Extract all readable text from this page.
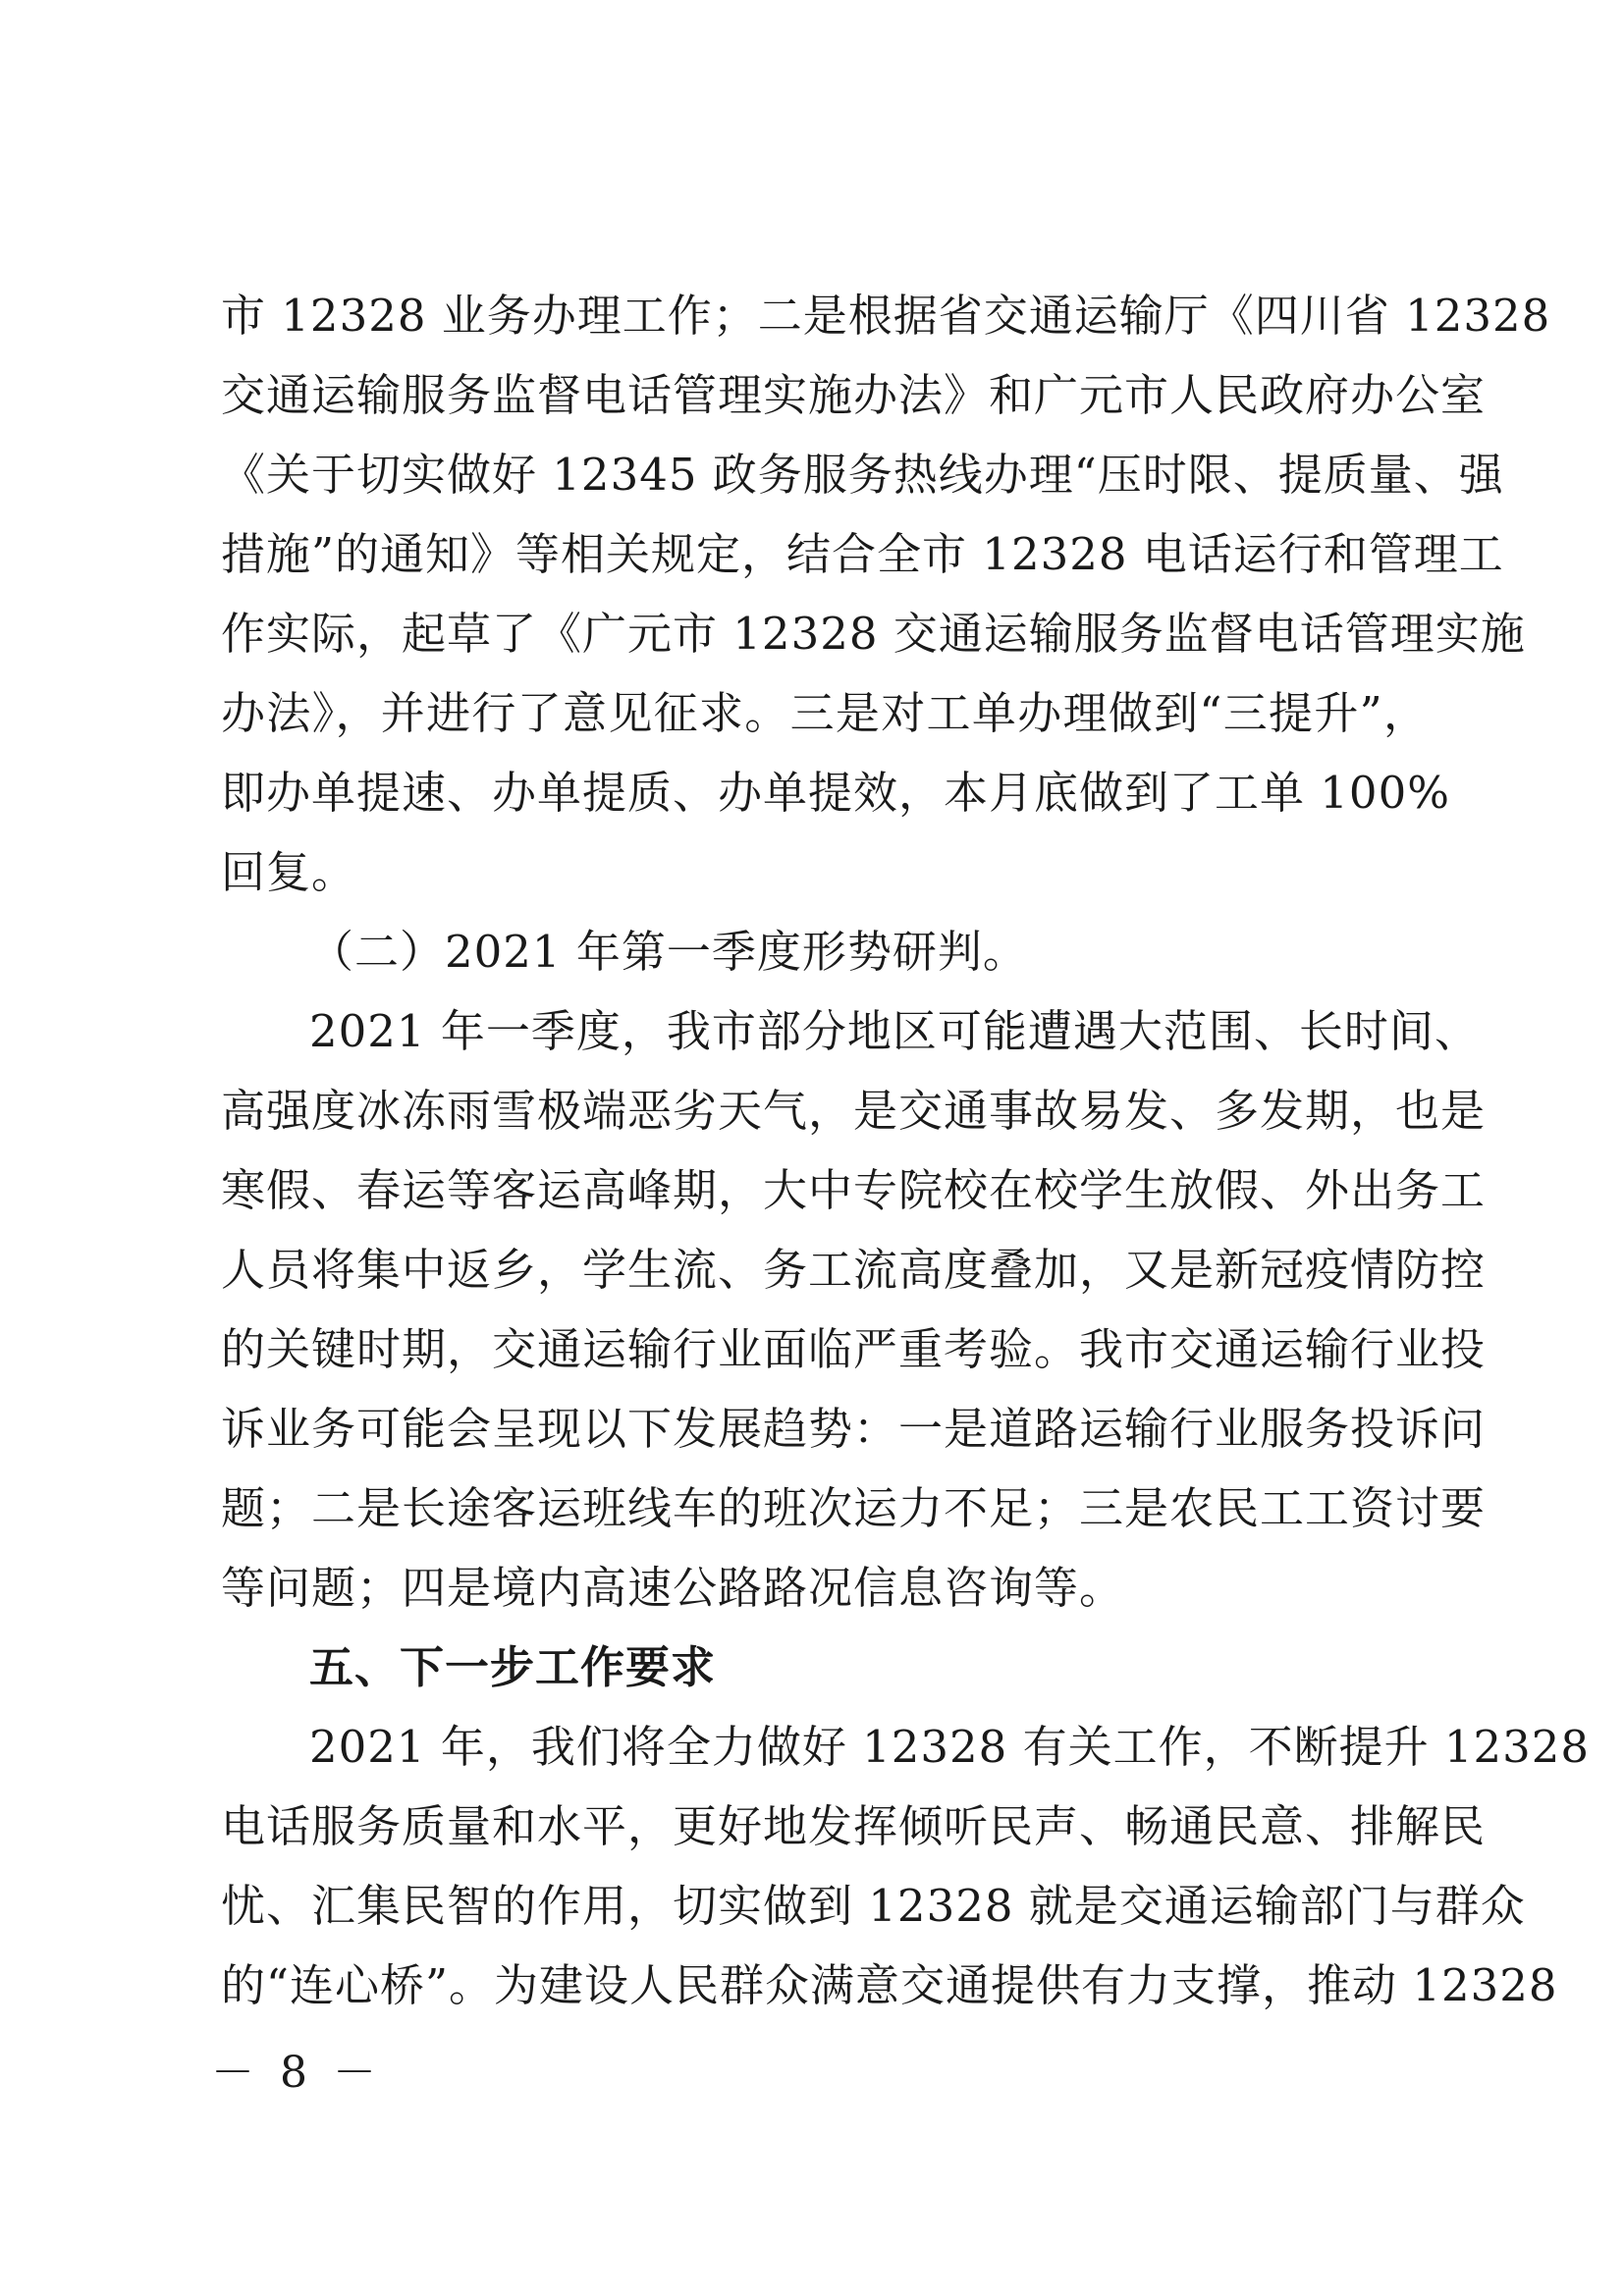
市 12328 业务办理工作；二是根据省交通运输厅《四川省 12328
交通运输服务监督电话管理实施办法》和广元市人民政府办公室
《关于切实做好 12345 政务服务热线办理“压时限、提质量、强
措施”的通知》等相关规定，结合全市 12328 电话运行和管理工
作实际，起草了《广元市 12328 交通运输服务监督电话管理实施
办法》，并进行了意见征求。三是对工单办理做到“三提升”，
即办单提速、办单提质、办单提效，本月底做到了工单 100%
回复。
（二）2021 年第一季度形势研判。
2021 年一季度，我市部分地区可能遭遇大范围、长时间、
高强度冰冻雨雪极端恶劣天气，是交通事故易发、多发期，也是
寒假、春运等客运高峰期，大中专院校在校学生放假、外出务工
人员将集中返乡，学生流、务工流高度叠加，又是新冠疫情防控
的关键时期，交通运输行业面临严重考验。我市交通运输行业投
诉业务可能会呈现以下发展趋势：一是道路运输行业服务投诉问
题；二是长途客运班线车的班次运力不足；三是农民工工资讨要
等问题；四是境内高速公路路况信息咨询等。
五、下一步工作要求
2021 年，我们将全力做好 12328 有关工作，不断提升 12328
电话服务质量和水平，更好地发挥倾听民声、畅通民意、排解民
忧、汇集民智的作用，切实做到 12328 就是交通运输部门与群众
的“连心桥”。为建设人民群众满意交通提供有力支撑，推动 12328
－ 8 －
